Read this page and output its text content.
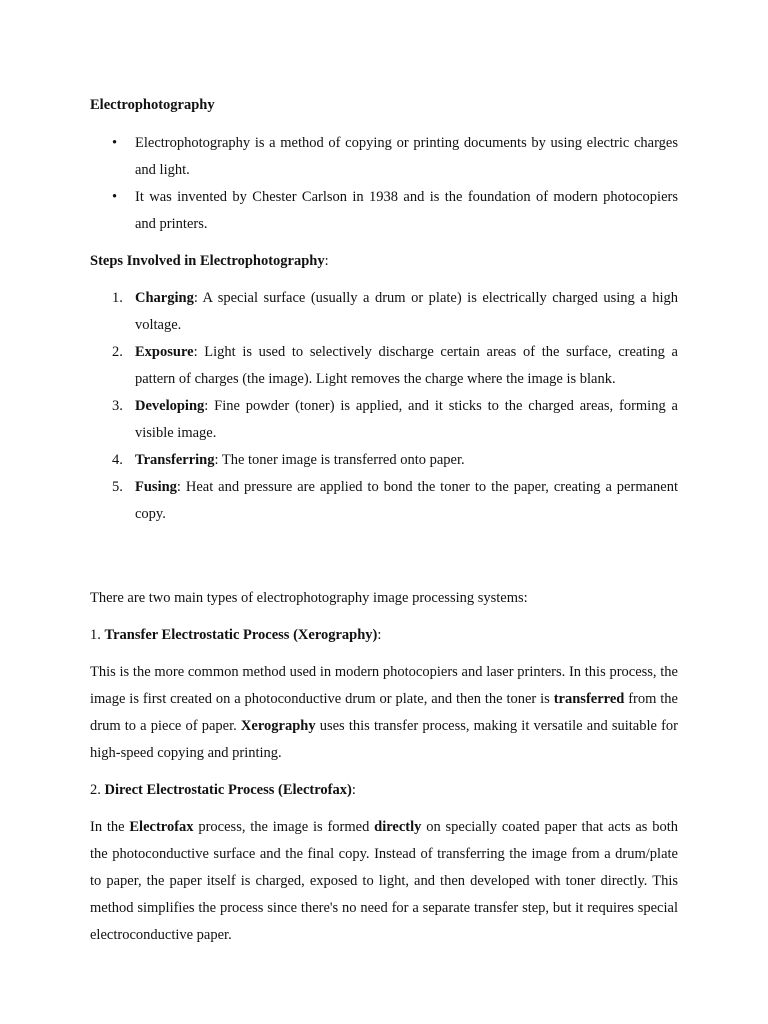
Electrophotography

• Electrophotography is a method of copying or printing documents by using electric charges and light.
• It was invented by Chester Carlson in 1938 and is the foundation of modern photocopiers and printers.

Steps Involved in Electrophotography:

1. Charging: A special surface (usually a drum or plate) is electrically charged using a high voltage.
2. Exposure: Light is used to selectively discharge certain areas of the surface, creating a pattern of charges (the image). Light removes the charge where the image is blank.
3. Developing: Fine powder (toner) is applied, and it sticks to the charged areas, forming a visible image.
4. Transferring: The toner image is transferred onto paper.
5. Fusing: Heat and pressure are applied to bond the toner to the paper, creating a permanent copy.

There are two main types of electrophotography image processing systems:

1. Transfer Electrostatic Process (Xerography):

This is the more common method used in modern photocopiers and laser printers. In this process, the image is first created on a photoconductive drum or plate, and then the toner is transferred from the drum to a piece of paper. Xerography uses this transfer process, making it versatile and suitable for high-speed copying and printing.

2. Direct Electrostatic Process (Electrofax):

In the Electrofax process, the image is formed directly on specially coated paper that acts as both the photoconductive surface and the final copy. Instead of transferring the image from a drum/plate to paper, the paper itself is charged, exposed to light, and then developed with toner directly. This method simplifies the process since there's no need for a separate transfer step, but it requires special electroconductive paper.
